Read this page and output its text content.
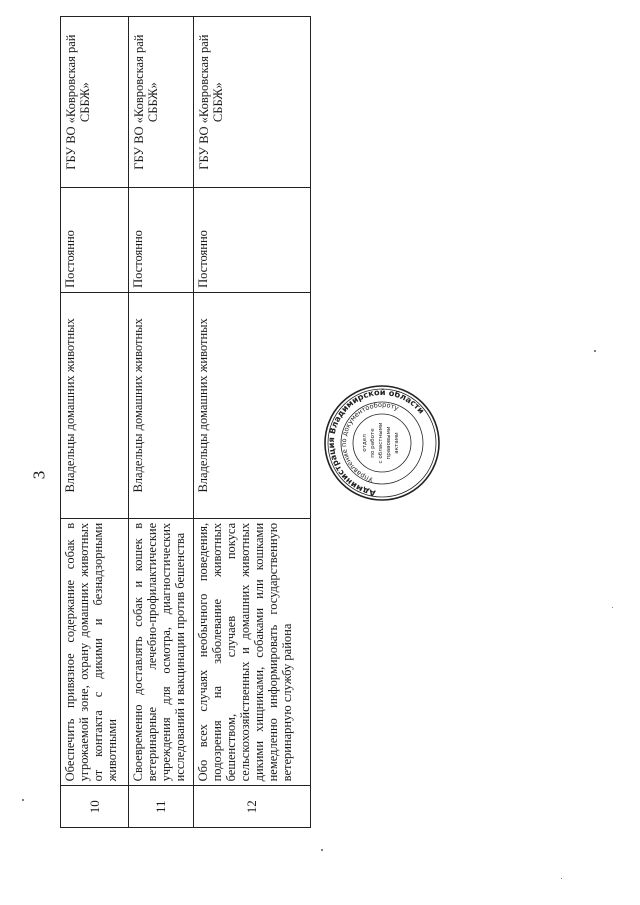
3
10	Обеспечить привязное содержание собак в угрожаемой зоне, охрану домашних животных от контакта с дикими и безнадзорными животными	Владельцы домашних животных	Постоянно	ГБУ ВО «Ковровская рай СББЖ»
11	Своевременно доставлять собак и кошек в ветеринарные лечебно-профилактические учреждения для осмотра, диагностических исследований и вакцинации против бешенства	Владельцы домашних животных	Постоянно	ГБУ ВО «Ковровская рай СББЖ»
12	Обо всех случаях необычного поведения, подозрения на заболевание животных бешенством, случаев покуса сельскохозяйственных и домашних животных дикими хищниками, собаками или кошками немедленно информировать государственную ветеринарную службу района	Владельцы домашних животных	Постоянно	ГБУ ВО «Ковровская рай СББЖ»
Администрация Владимирской области
Управление по документообороту
отдел по работе с областными правовыми актами
